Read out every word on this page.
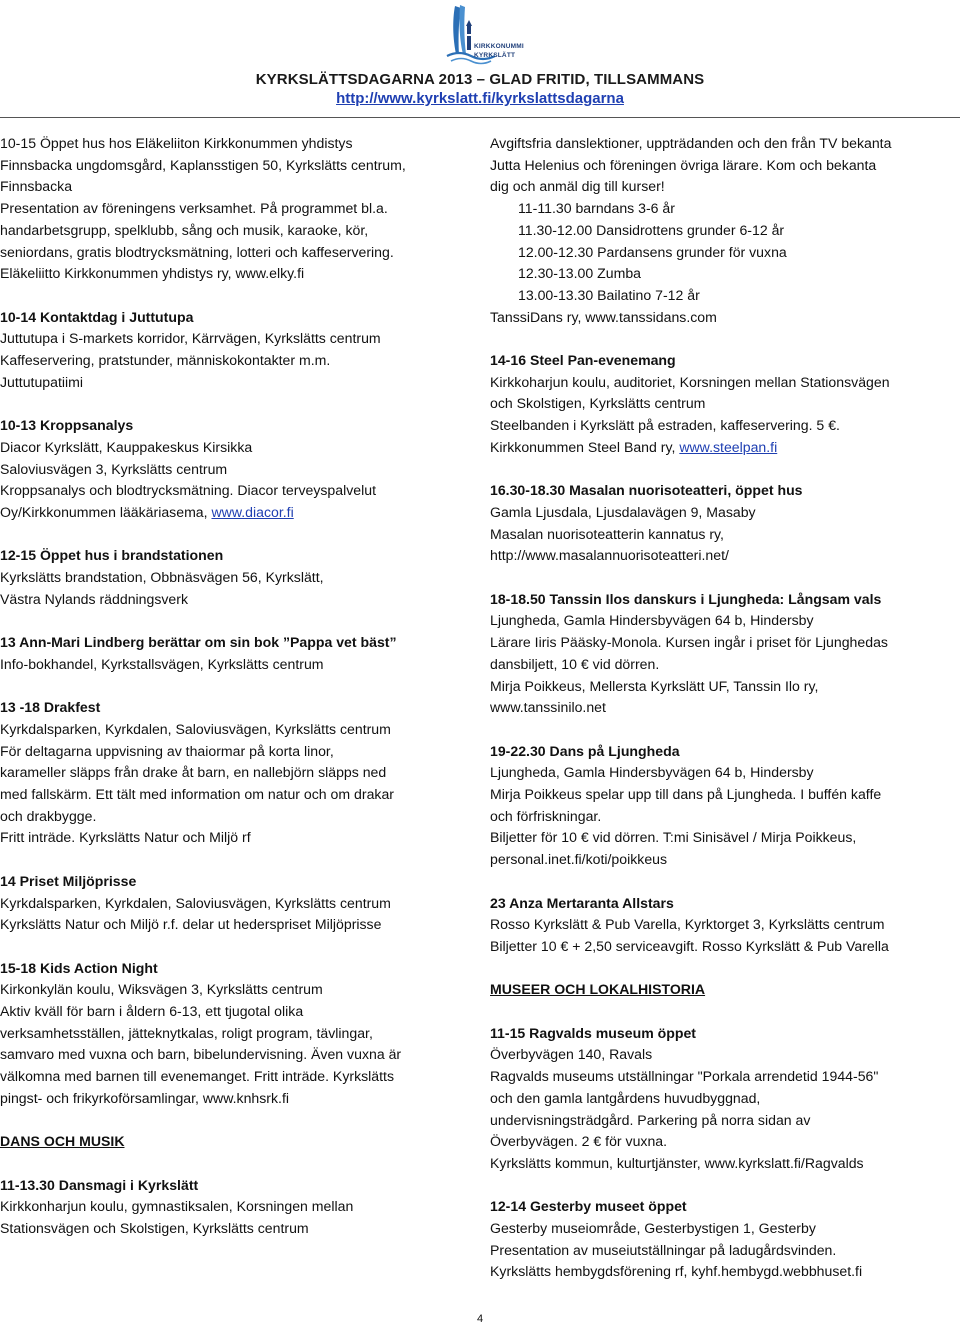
KIRKKONUMMI
KYRKSLÄTT
KYRKSLÄTTSDAGARNA 2013 – GLAD FRITID, TILLSAMMANS
http://www.kyrkslatt.fi/kyrkslattsdagarna
10-15 Öppet hus hos Eläkeliiton Kirkkonummen yhdistys
Finnsbacka ungdomsgård, Kaplansstigen 50, Kyrkslätts centrum,
Finnsbacka
Presentation av föreningens verksamhet. På programmet bl.a.
handarbetsgrupp, spelklubb, sång och musik, karaoke, kör,
seniordans, gratis blodtrycksmätning, lotteri och kaffeservering.
Eläkeliitto Kirkkonummen yhdistys ry, www.elky.fi
10-14 Kontaktdag i Juttutupa
Juttutupa i S-markets korridor, Kärrvägen, Kyrkslätts centrum
Kaffeservering, pratstunder, människokontakter m.m.
Juttutupatiimi
10-13 Kroppsanalys
Diacor Kyrkslätt, Kauppakeskus Kirsikka
Saloviusvägen 3, Kyrkslätts centrum
Kroppsanalys och blodtrycksmätning. Diacor terveyspalvelut
Oy/Kirkkonummen lääkäriasema, www.diacor.fi
12-15 Öppet hus i brandstationen
Kyrkslätts brandstation, Obbnäsvägen 56, Kyrkslätt,
Västra Nylands räddningsverk
13 Ann-Mari Lindberg berättar om sin bok ”Pappa vet bäst”
Info-bokhandel, Kyrkstallsvägen, Kyrkslätts centrum
13 -18 Drakfest
Kyrkdalsparken, Kyrkdalen, Saloviusvägen, Kyrkslätts centrum
För deltagarna uppvisning av thaiormar på korta linor,
karameller släpps från drake åt barn, en nallebjörn släpps ned
med fallskärm. Ett tält med information om natur och om drakar
och drakbygge.
Fritt inträde. Kyrkslätts Natur och Miljö rf
14 Priset Miljöprisse
Kyrkdalsparken, Kyrkdalen, Saloviusvägen, Kyrkslätts centrum
Kyrkslätts Natur och Miljö r.f. delar ut hederspriset Miljöprisse
15-18 Kids Action Night
Kirkonkylän koulu, Wiksvägen 3, Kyrkslätts centrum
Aktiv kväll för barn i åldern 6-13, ett tjugotal olika
verksamhetsställen, jätteknytkalas, roligt program, tävlingar,
samvaro med vuxna och barn, bibelundervisning. Även vuxna är
välkomna med barnen till evenemanget. Fritt inträde. Kyrkslätts
pingst- och frikyrkoförsamlingar, www.knhsrk.fi
DANS OCH MUSIK
11-13.30 Dansmagi i Kyrkslätt
Kirkkonharjun koulu, gymnastiksalen, Korsningen mellan
Stationsvägen och Skolstigen, Kyrkslätts centrum
Avgiftsfria danslektioner, uppträdanden och den från TV bekanta
Jutta Helenius och föreningen övriga lärare. Kom och bekanta
dig och anmäl dig till kurser!
11-11.30 barndans 3-6 år
11.30-12.00 Dansidrottens grunder 6-12 år
12.00-12.30 Pardansens grunder för vuxna
12.30-13.00 Zumba
13.00-13.30 Bailatino 7-12 år
TanssiDans ry, www.tanssidans.com
14-16 Steel Pan-evenemang
Kirkkoharjun koulu, auditoriet, Korsningen mellan Stationsvägen
och Skolstigen, Kyrkslätts centrum
Steelbanden i Kyrkslätt på estraden, kaffeservering. 5 €.
Kirkkonummen Steel Band ry, www.steelpan.fi
16.30-18.30 Masalan nuorisoteatteri, öppet hus
Gamla Ljusdala, Ljusdalavägen 9, Masaby
Masalan nuorisoteatterin kannatus ry,
http://www.masalannuorisoteatteri.net/
18-18.50 Tanssin Ilos danskurs i Ljungheda: Långsam vals
Ljungheda, Gamla Hindersbyvägen 64 b, Hindersby
Lärare Iiris Pääsky-Monola. Kursen ingår i priset för Ljunghedas
dansbiljett, 10 € vid dörren.
Mirja Poikkeus, Mellersta Kyrkslätt UF, Tanssin Ilo ry,
www.tanssinilo.net
19-22.30 Dans på Ljungheda
Ljungheda, Gamla Hindersbyvägen 64 b, Hindersby
Mirja Poikkeus spelar upp till dans på Ljungheda. I buffén kaffe
och förfriskningar.
Biljetter för 10 € vid dörren. T:mi Sinisävel / Mirja Poikkeus,
personal.inet.fi/koti/poikkeus
23 Anza Mertaranta Allstars
Rosso Kyrkslätt & Pub Varella, Kyrktorget 3, Kyrkslätts centrum
Biljetter 10 € + 2,50 serviceavgift. Rosso Kyrkslätt & Pub Varella
MUSEER OCH LOKALHISTORIA
11-15 Ragvalds museum öppet
Överbyvägen 140, Ravals
Ragvalds museums utställningar "Porkala arrendetid 1944-56"
och den gamla lantgårdens huvudbyggnad,
undervisningsträdgård. Parkering på norra sidan av
Överbyvägen. 2 € för vuxna.
Kyrkslätts kommun, kulturtjänster, www.kyrkslatt.fi/Ragvalds
12-14 Gesterby museet öppet
Gesterby museiområde, Gesterbystigen 1, Gesterby
Presentation av museiutställningar på ladugårdsvinden.
Kyrkslätts hembygdsförening rf, kyhf.hembygd.webbhuset.fi
4
